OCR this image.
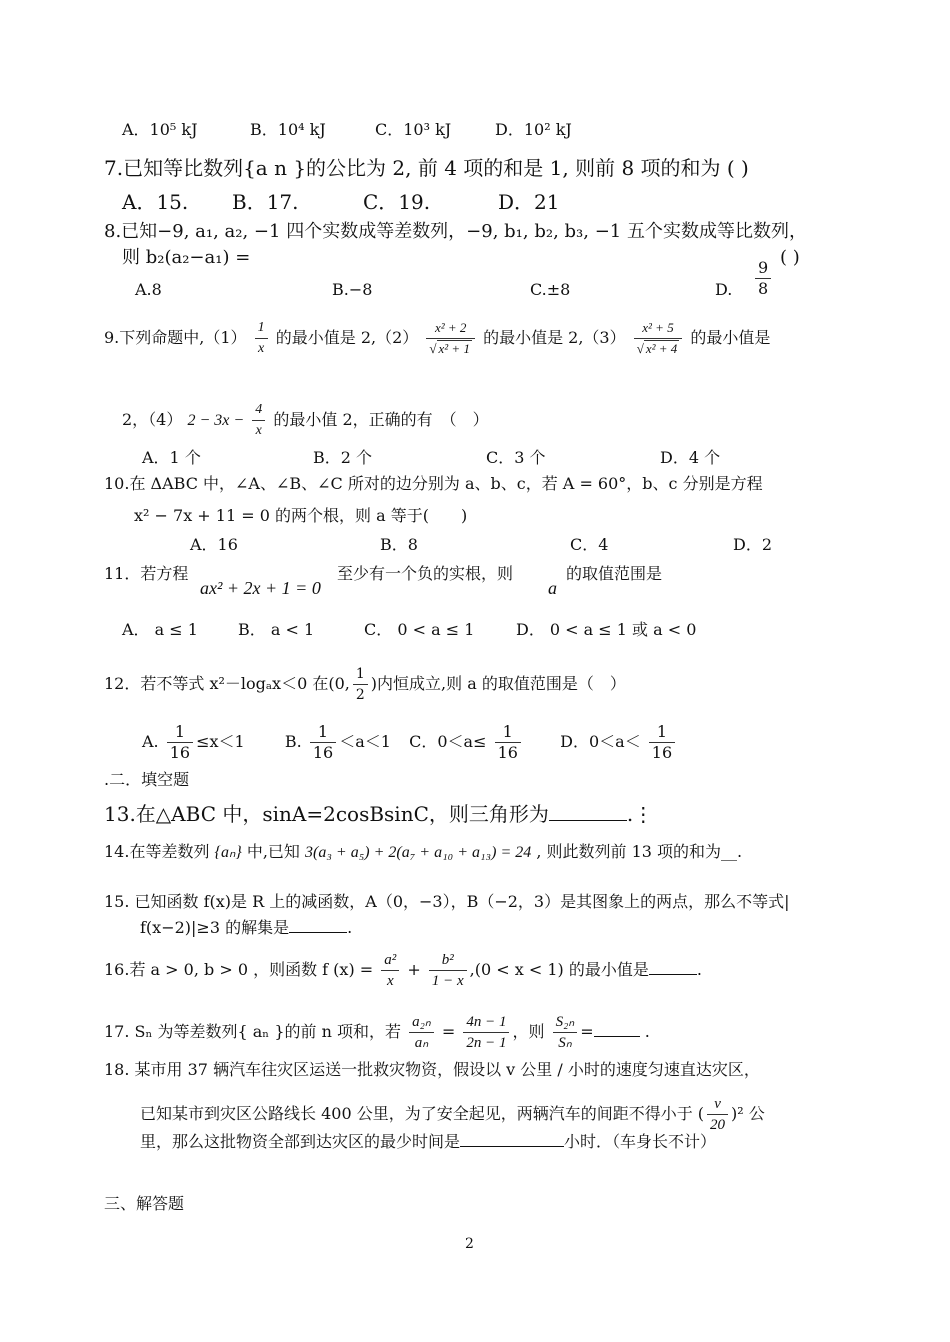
A．10⁵ kJ	B．10⁴ kJ	C．10³ kJ	D．10² kJ
7.已知等比数列{a n }的公比为 2, 前 4 项的和是 1, 则前 8 项的和为 ( )
A．15. B．17.	C．19.	D．21
8.已知−9, a₁, a₂, −1 四个实数成等差数列，−9, b₁, b₂, b₃, −1 五个实数成等比数列，
则 b₂(a₂−a₁) =	( )
A.8	B.−8	C.±8	D. $\frac{9}{8}$
9.下列命题中$,(1) \frac{1}{x}$ 的最小值是 $2,(2) \frac{\text{x² + 2}}{\text{√ x² + 1}}$ 的最小值是 $2,(3) \frac{\text{x² + 5}}{\text{√ x² + 4}}$ 的最小值是
2，（4） $2 - 3x - \frac{4}{x}$ 的最小值 2，正确的有　（　）
A．1 个	B．2 个	C．3 个	D．4 个
10.在 ΔABC 中，∠A、∠B、∠C 所对的边分别为 a、b、c，若 A = 60°，b、c 分别是方程
x² − 7x + 11 = 0 的两个根，则 a 等于(　　)
A．16	B．8	C．4	D．2
11．若方程
ax² + 2x + 1 = 0
至少有一个负的实根，则
a
的取值范围是
A． a ≤ 1	B． a < 1	C． 0 < a ≤ 1	D． 0 < a ≤ 1 或 a < 0
12．若不等式 x²－logₐx＜0 在(0, $\frac{1}{2}$ )内恒成立,则 a 的取值范围是（　）
A. $\frac{1}{16} \le x<1$	B. $\frac{1}{16} <a<1$ C．$0<a\le \frac{1}{16}$ D．$0<a< \frac{1}{16}$
.二．填空题
13.在△ABC 中，sinA=2cosBsinC，则三角形为	.⋮
14.在等差数列 {aₙ} 中,已知 3(a₃ + a₅) + 2(a₇ + a₁₀ + a₁₃) = 24 , 则此数列前 13 项的和为__.
15. 已知函数 f(x)是 R 上的减函数，A（0，−3），B（−2，3）是其图象上的两点，那么不等式|
f(x−2)|≥3 的解集是	.
16.若 a > 0, b > 0 ，则函数 f $(x) = \frac{\text{a²}}{x} + \frac{\text{b²}}{1 - x} ,(0 < x < 1)$ 的最小值是	.
17. Sₙ 为等差数列{ aₙ }的前 n 项和，若 $\frac{\text{a₂ₙ}}{\text{aₙ}} = \frac{4n - 1}{2n - 1}$ ，则 $\frac{\text{S₂ₙ}}{\text{Sₙ}}$ =	.
18. 某市用 37 辆汽车往灾区运送一批救灾物资，假设以 v 公里 / 小时的速度匀速直达灾区，
已知某市到灾区公路线长 400 公里，为了安全起见，两辆汽车的间距不得小于 ( $\frac{v}{20} )^2$ 公
里，那么这批物资全部到达灾区的最少时间是	小时．（车身长不计）
三、解答题
2
